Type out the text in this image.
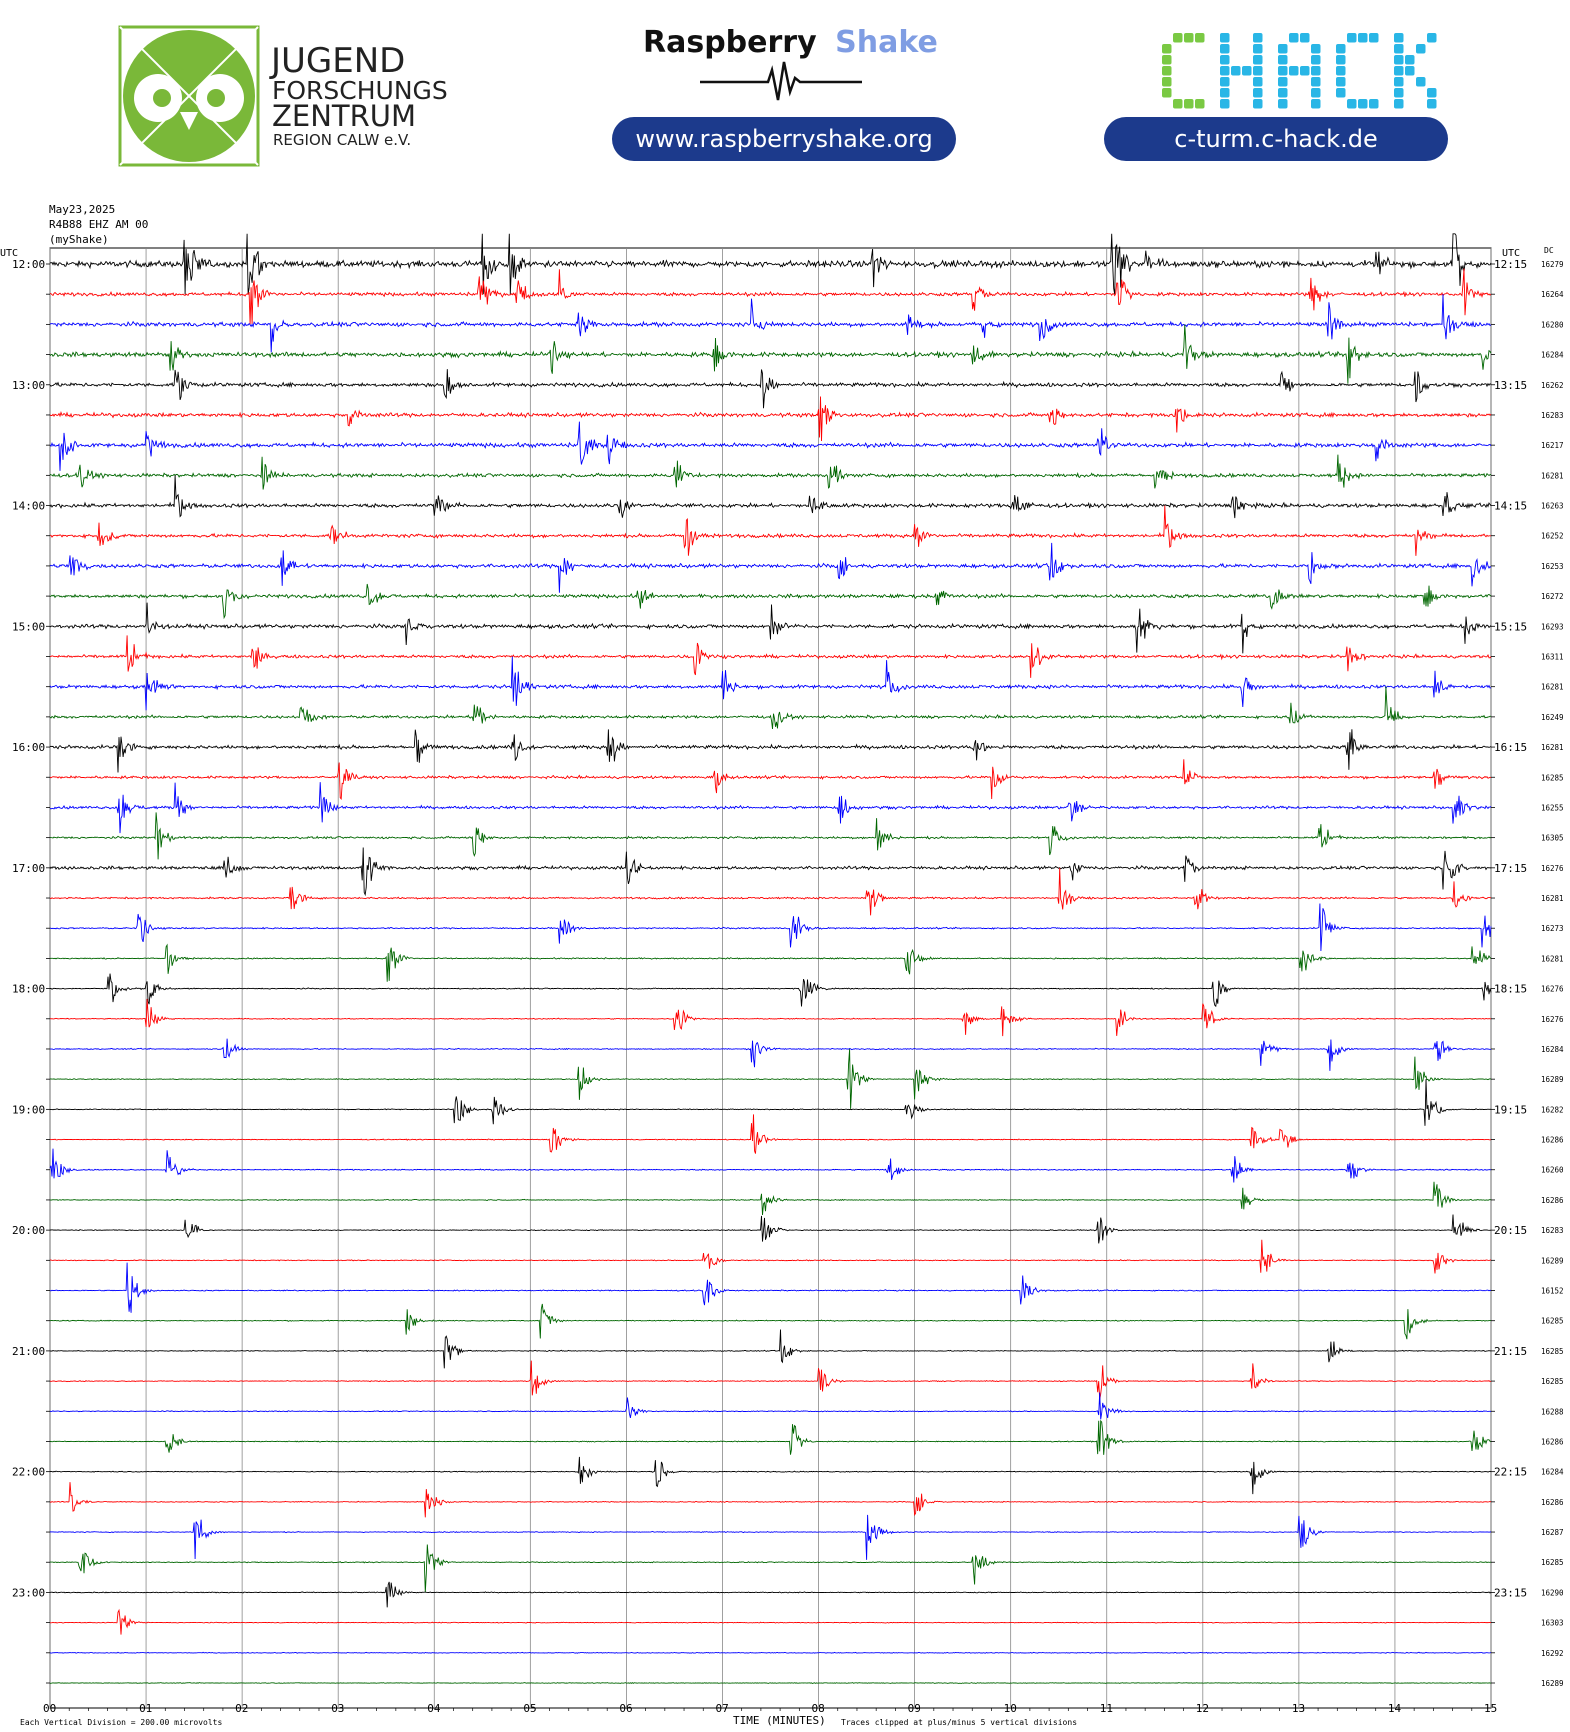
JUGEND
FORSCHUNGS
ZENTRUM
REGION CALW e.V.
Raspberry Shake
00	01	02	03	04	05	06	07	08	09	10	11	12	13	14	15
16279
12:00	12:15
16264
16280
16284
16262
13:00	13:15
16283
16217
16281
16263
14:00	14:15
16252
16253
16272
16293
15:00	15:15
16311
16281
16249
16281
16:00	16:15
16285
16255
16305
16276
17:00	17:15
16281
16273
16281
16276
18:00	18:15
16276
16284
16289
16282
19:00	19:15
16286
16260
16286
16283
20:00	20:15
16289
16152
16285
16285
21:00	21:15
16285
16288
16286
16284
22:00	22:15
16286
16287
16285
16290
23:00	23:15
16303
16292
16289
www.raspberryshake.org	c-turm.c-hack.de
May23,2025
R4B88 EHZ AM 00
(myShake)
UTC	UTC	DC
TIME (MINUTES)
Each Vertical Division = 200.00 microvolts	Traces clipped at plus/minus 5 vertical divisions
